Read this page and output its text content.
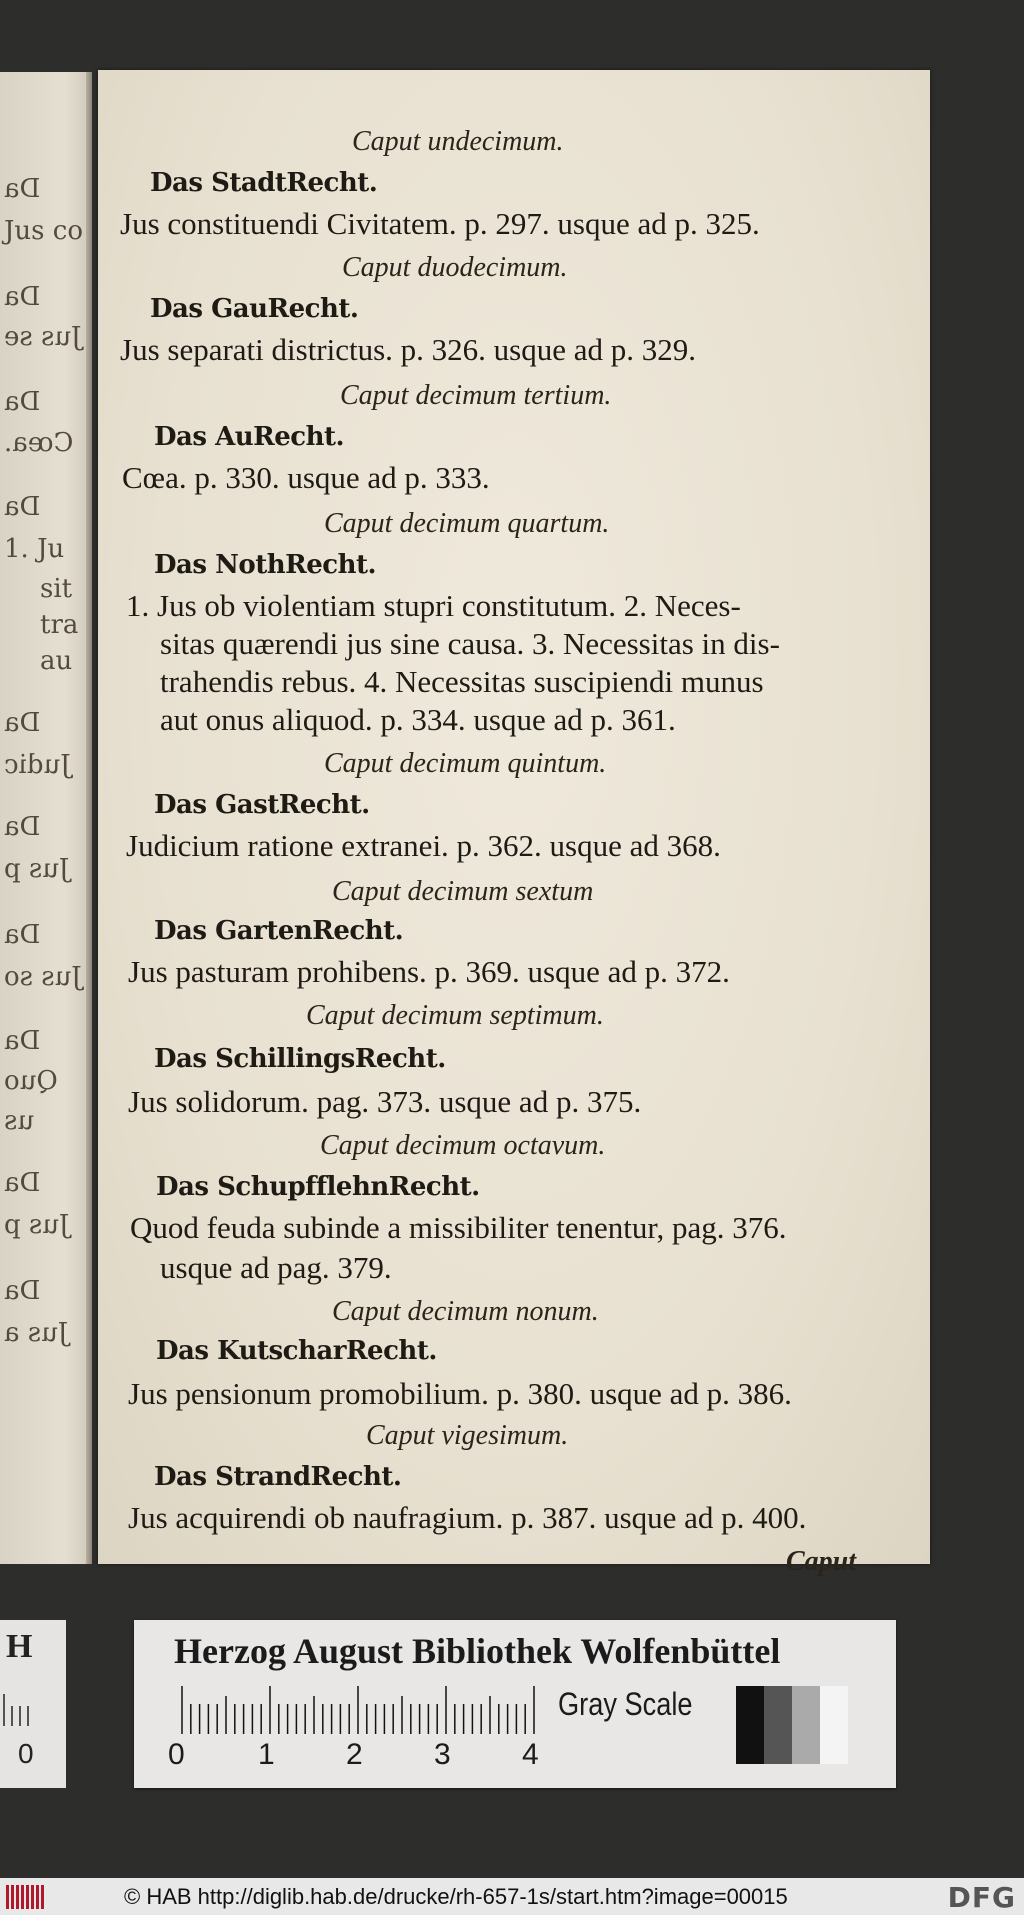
Da
Jus co
Da
Jus se
Da
Cœa.
Da
1. Ju
sit
tra
au
Da
Judic
Da
Jus p
Da
Jus so
Da
Quo
us
Da
Jus p
Da
Jus a
Caput undecimum.
Das StadtRecht.
Jus constituendi Civitatem. p. 297. usque ad p. 325.
Caput duodecimum.
Das GauRecht.
Jus separati districtus. p. 326. usque ad p. 329.
Caput decimum tertium.
Das AuRecht.
Cœa. p. 330. usque ad p. 333.
Caput decimum quartum.
Das NothRecht.
1. Jus ob violentiam stupri constitutum. 2. Neces-
sitas quærendi jus sine causa. 3. Necessitas in dis-
trahendis rebus. 4. Necessitas suscipiendi munus
aut onus aliquod. p. 334. usque ad p. 361.
Caput decimum quintum.
Das GastRecht.
Judicium ratione extranei. p. 362. usque ad 368.
Caput decimum sextum
Das GartenRecht.
Jus pasturam prohibens. p. 369. usque ad p. 372.
Caput decimum septimum.
Das SchillingsRecht.
Jus solidorum. pag. 373. usque ad p. 375.
Caput decimum octavum.
Das SchupfflehnRecht.
Quod feuda subinde a missibiliter tenentur, pag. 376.
usque ad pag. 379.
Caput decimum nonum.
Das KutscharRecht.
Jus pensionum promobilium. p. 380. usque ad p. 386.
Caput vigesimum.
Das StrandRecht.
Jus acquirendi ob naufragium. p. 387. usque ad p. 400.
Caput
H
0
Herzog August Bibliothek Wolfenbüttel
Gray Scale
0 1 2 3 4
© HAB http://diglib.hab.de/drucke/rh-657-1s/start.htm?image=00015	DFG
